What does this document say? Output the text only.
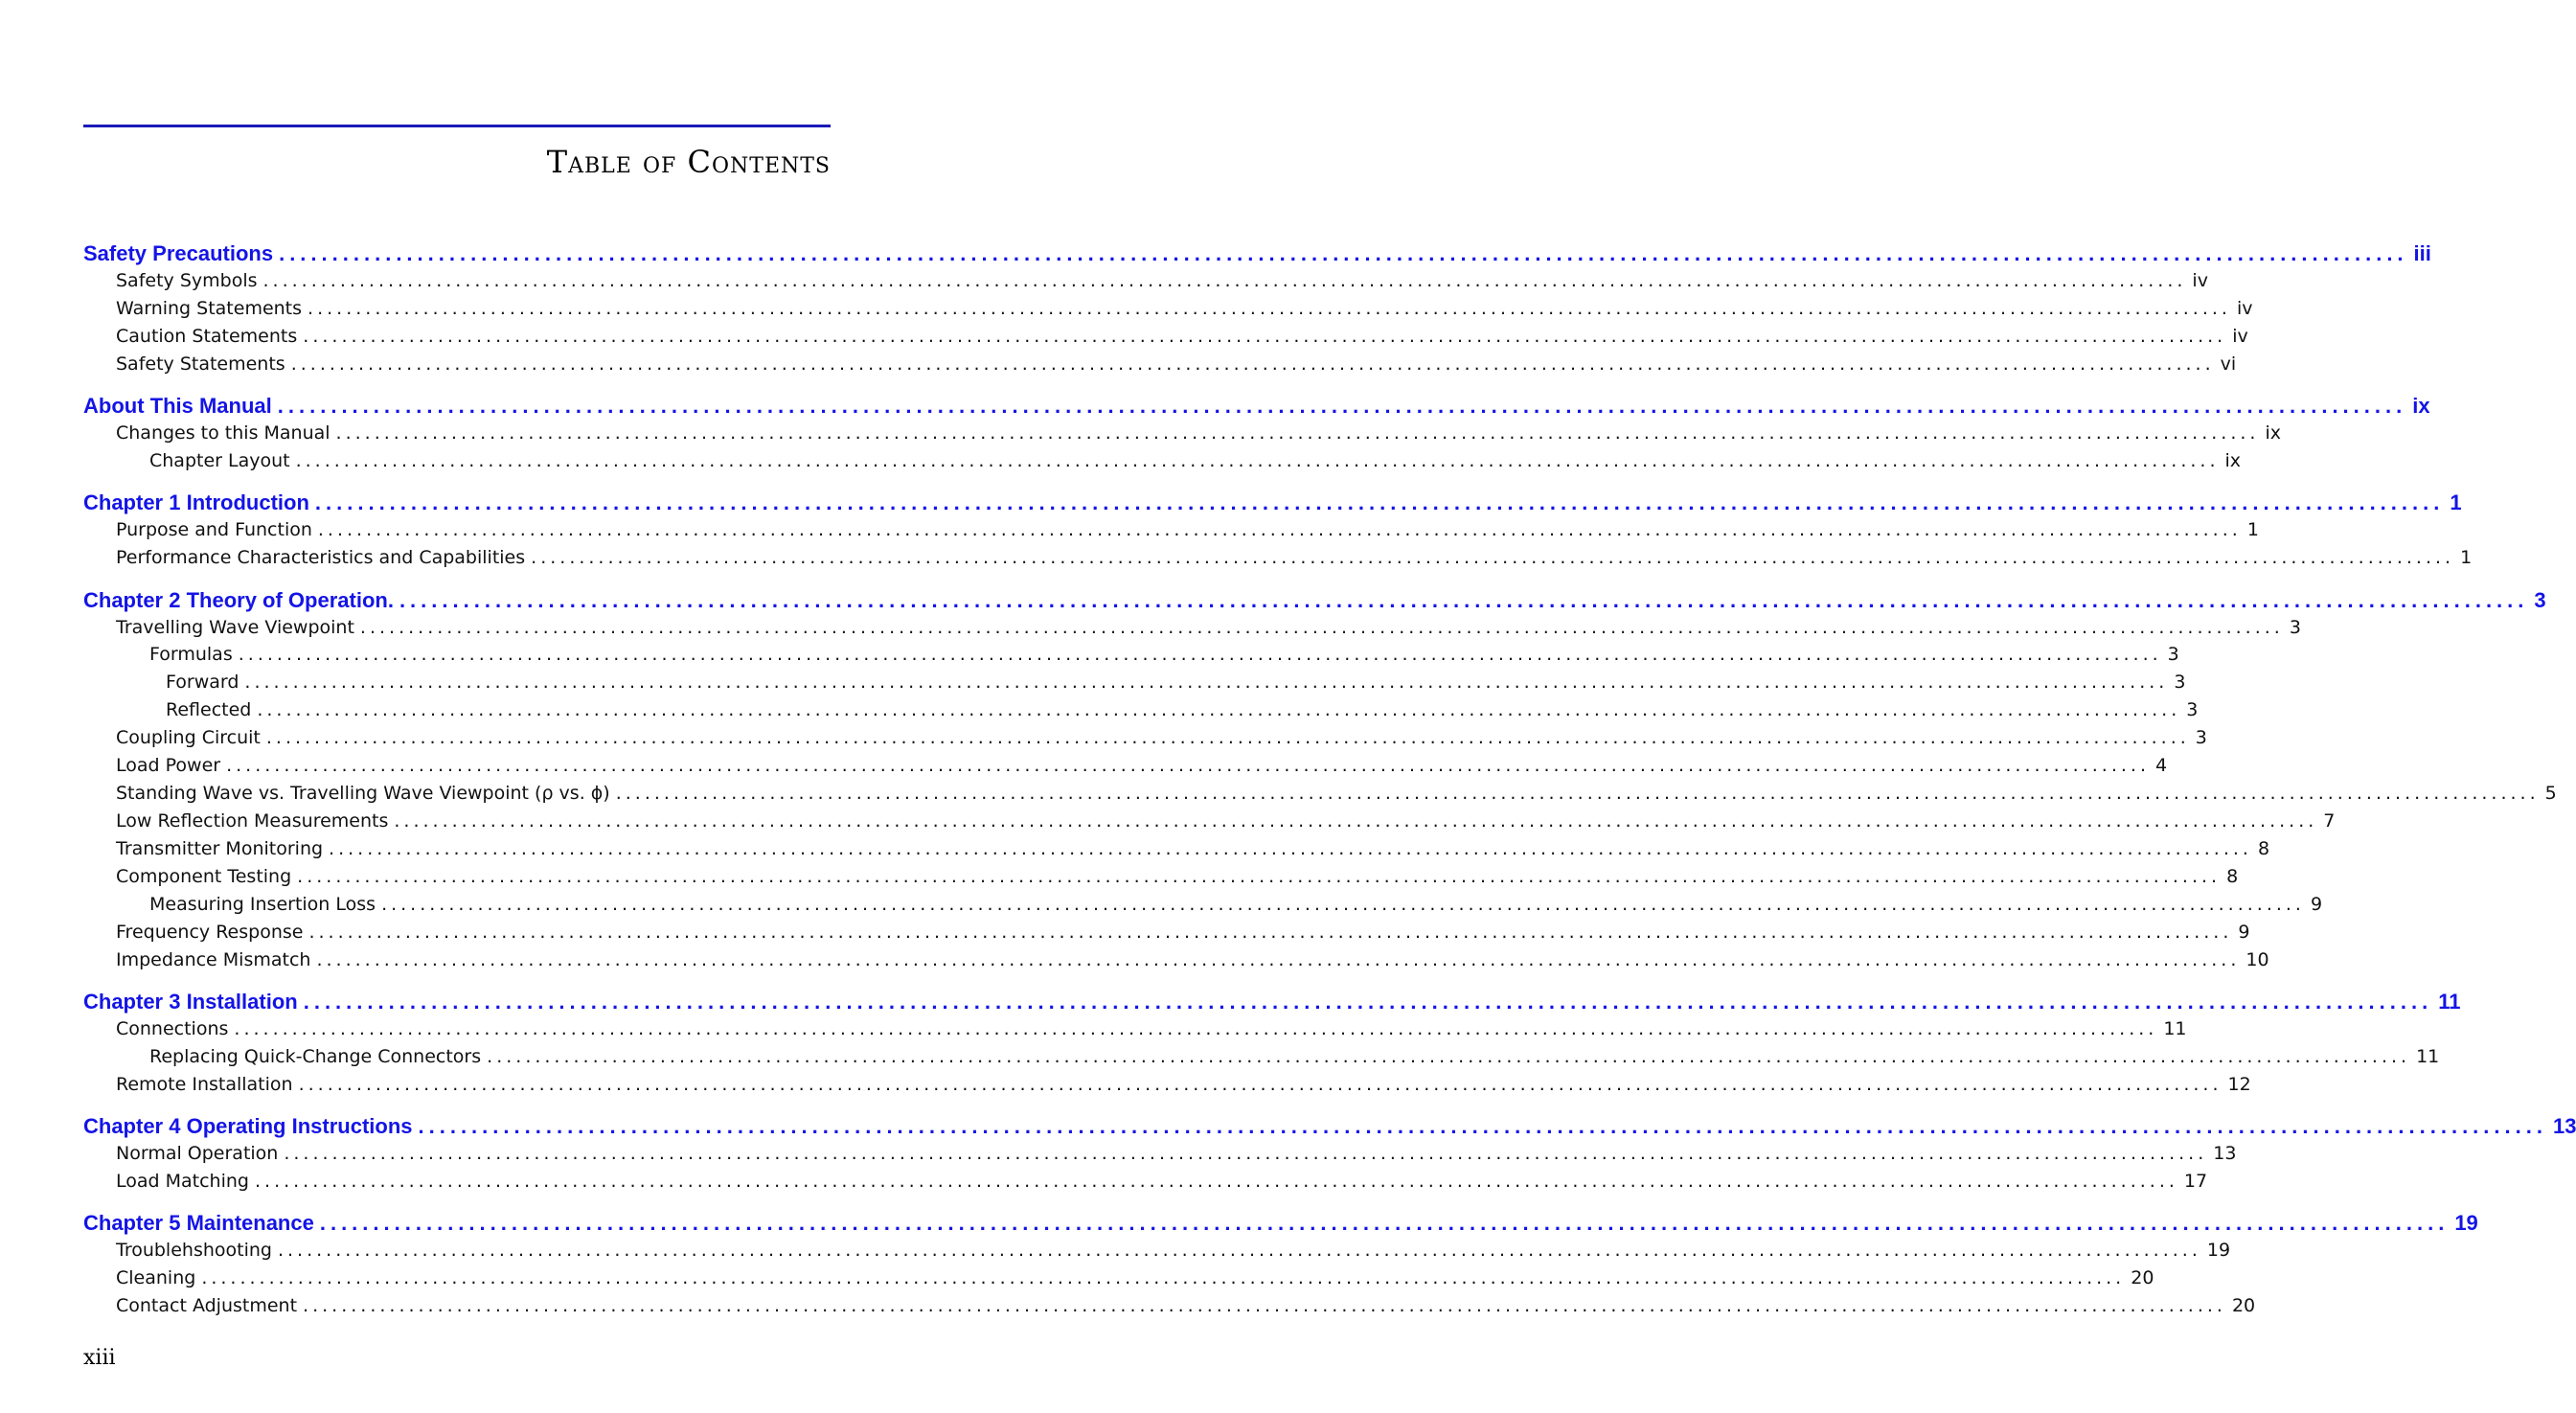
Table of Contents
Safety Precautions ........................................................................................................................................................................................................ iii
Safety Symbols ........................................................................................................................................................................................................ iv
Warning Statements ........................................................................................................................................................................................................ iv
Caution Statements ........................................................................................................................................................................................................ iv
Safety Statements ........................................................................................................................................................................................................ vi
About This Manual ........................................................................................................................................................................................................ ix
Changes to this Manual ........................................................................................................................................................................................................ ix
Chapter Layout ........................................................................................................................................................................................................ ix
Chapter 1 Introduction ........................................................................................................................................................................................................ 1
Purpose and Function ........................................................................................................................................................................................................ 1
Performance Characteristics and Capabilities ........................................................................................................................................................................................................ 1
Chapter 2 Theory of Operation. ........................................................................................................................................................................................................ 3
Travelling Wave Viewpoint ........................................................................................................................................................................................................ 3
Formulas ........................................................................................................................................................................................................ 3
Forward ........................................................................................................................................................................................................ 3
Reflected ........................................................................................................................................................................................................ 3
Coupling Circuit ........................................................................................................................................................................................................ 3
Load Power ........................................................................................................................................................................................................ 4
Standing Wave vs. Travelling Wave Viewpoint (ρ vs. ϕ) ........................................................................................................................................................................................................ 5
Low Reflection Measurements ........................................................................................................................................................................................................ 7
Transmitter Monitoring ........................................................................................................................................................................................................ 8
Component Testing ........................................................................................................................................................................................................ 8
Measuring Insertion Loss ........................................................................................................................................................................................................ 9
Frequency Response ........................................................................................................................................................................................................ 9
Impedance Mismatch ........................................................................................................................................................................................................ 10
Chapter 3 Installation ........................................................................................................................................................................................................ 11
Connections ........................................................................................................................................................................................................ 11
Replacing Quick-Change Connectors ........................................................................................................................................................................................................ 11
Remote Installation ........................................................................................................................................................................................................ 12
Chapter 4 Operating Instructions ........................................................................................................................................................................................................ 13
Normal Operation ........................................................................................................................................................................................................ 13
Load Matching ........................................................................................................................................................................................................ 17
Chapter 5 Maintenance ........................................................................................................................................................................................................ 19
Troublehshooting ........................................................................................................................................................................................................ 19
Cleaning ........................................................................................................................................................................................................ 20
Contact Adjustment ........................................................................................................................................................................................................ 20
xiii
